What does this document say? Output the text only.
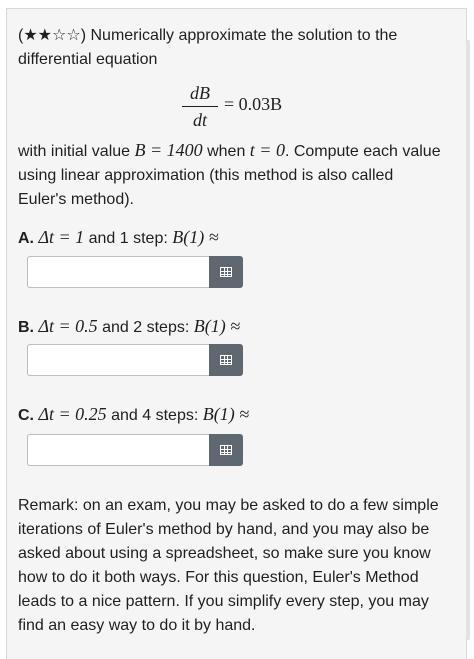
(★★☆☆) Numerically approximate the solution to the differential equation

dB
dt
= 0.03B

with initial value B = 1400 when t = 0. Compute each value using linear approximation (this method is also called Euler's method).

A. Δt = 1 and 1 step: B(1) ≈

B. Δt = 0.5 and 2 steps: B(1) ≈

C. Δt = 0.25 and 4 steps: B(1) ≈

Remark: on an exam, you may be asked to do a few simple iterations of Euler's method by hand, and you may also be asked about using a spreadsheet, so make sure you know how to do it both ways. For this question, Euler's Method leads to a nice pattern. If you simplify every step, you may find an easy way to do it by hand.
